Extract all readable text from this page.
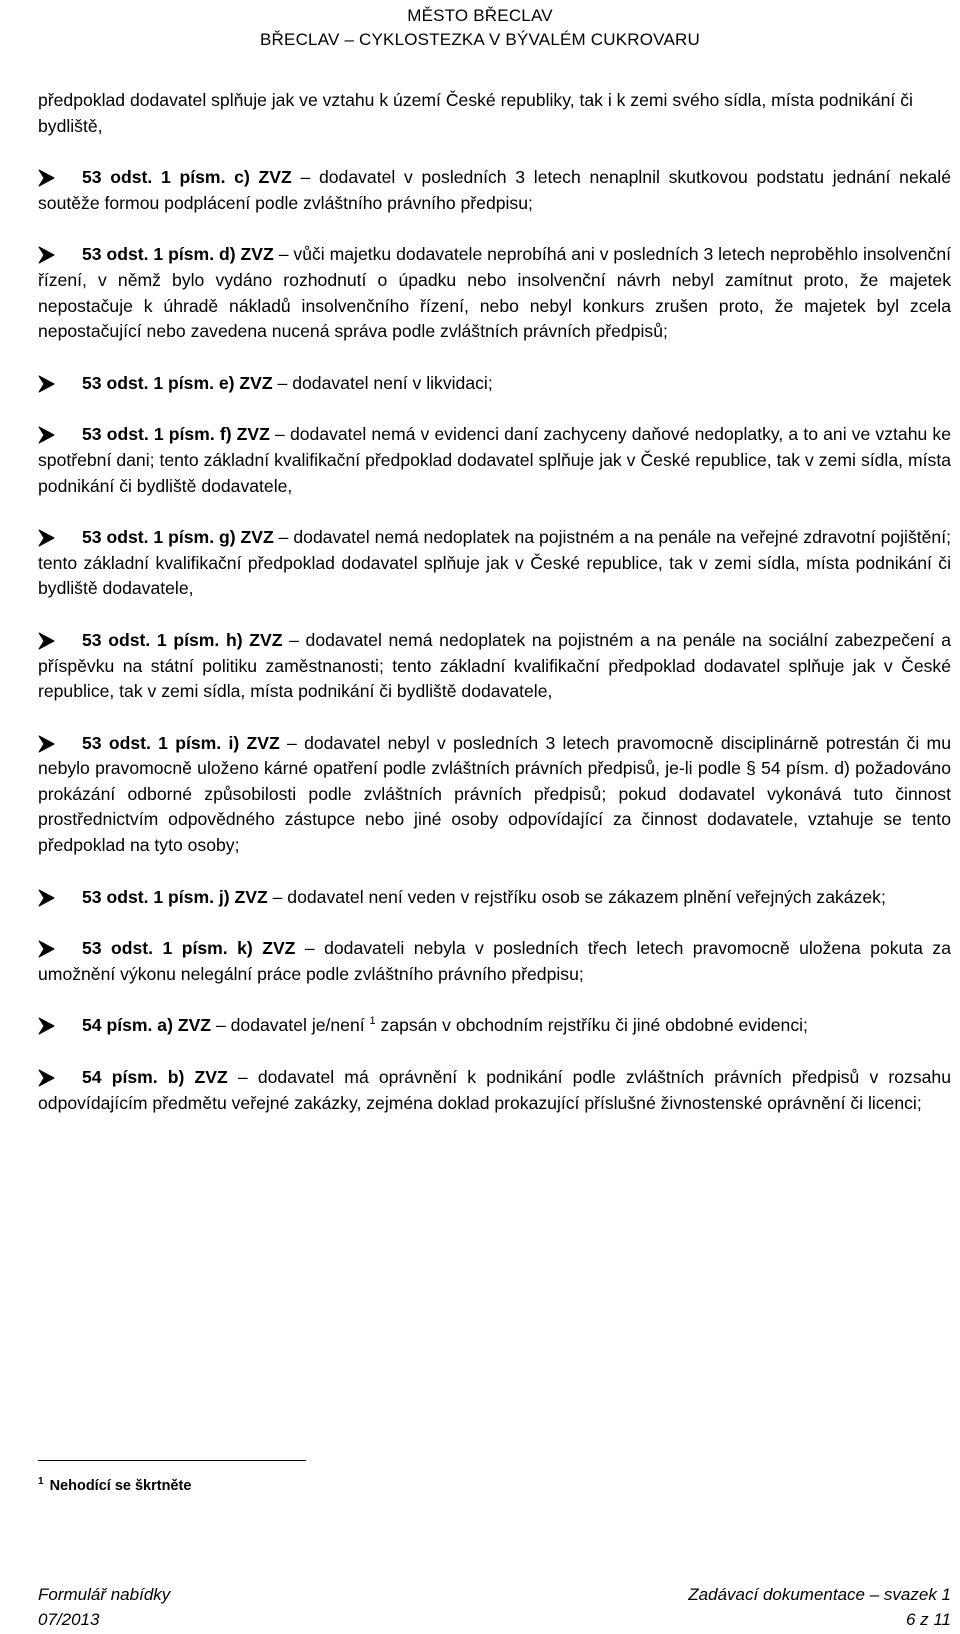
MĚSTO BŘECLAV
BŘECLAV – CYKLOSTEZKA V BÝVALÉM CUKROVARU

předpoklad dodavatel splňuje jak ve vztahu k území České republiky, tak i k zemi svého sídla, místa podnikání či bydliště,

53 odst. 1 písm. c) ZVZ – dodavatel v posledních 3 letech nenaplnil skutkovou podstatu jednání nekalé soutěže formou podplácení podle zvláštního právního předpisu;
53 odst. 1 písm. d) ZVZ – vůči majetku dodavatele neprobíhá ani v posledních 3 letech neproběhlo insolvenční řízení, v němž bylo vydáno rozhodnutí o úpadku nebo insolvenční návrh nebyl zamítnut proto, že majetek nepostačuje k úhradě nákladů insolvenčního řízení, nebo nebyl konkurs zrušen proto, že majetek byl zcela nepostačující nebo zavedena nucená správa podle zvláštních právních předpisů;
53 odst. 1 písm. e) ZVZ – dodavatel není v likvidaci;
53 odst. 1 písm. f) ZVZ – dodavatel nemá v evidenci daní zachyceny daňové nedoplatky, a to ani ve vztahu ke spotřební dani; tento základní kvalifikační předpoklad dodavatel splňuje jak v České republice, tak v zemi sídla, místa podnikání či bydliště dodavatele,
53 odst. 1 písm. g) ZVZ – dodavatel nemá nedoplatek na pojistném a na penále na veřejné zdravotní pojištění; tento základní kvalifikační předpoklad dodavatel splňuje jak v České republice, tak v zemi sídla, místa podnikání či bydliště dodavatele,
53 odst. 1 písm. h) ZVZ – dodavatel nemá nedoplatek na pojistném a na penále na sociální zabezpečení a příspěvku na státní politiku zaměstnanosti; tento základní kvalifikační předpoklad dodavatel splňuje jak v České republice, tak v zemi sídla, místa podnikání či bydliště dodavatele,
53 odst. 1 písm. i) ZVZ – dodavatel nebyl v posledních 3 letech pravomocně disciplinárně potrestán či mu nebylo pravomocně uloženo kárné opatření podle zvláštních právních předpisů, je-li podle § 54 písm. d) požadováno prokázání odborné způsobilosti podle zvláštních právních předpisů; pokud dodavatel vykonává tuto činnost prostřednictvím odpovědného zástupce nebo jiné osoby odpovídající za činnost dodavatele, vztahuje se tento předpoklad na tyto osoby;
53 odst. 1 písm. j) ZVZ – dodavatel není veden v rejstříku osob se zákazem plnění veřejných zakázek;
53 odst. 1 písm. k) ZVZ – dodavateli nebyla v posledních třech letech pravomocně uložena pokuta za umožnění výkonu nelegální práce podle zvláštního právního předpisu;
54 písm. a) ZVZ – dodavatel je/není $^1$ zapsán v obchodním rejstříku či jiné obdobné evidenci;
54 písm. b) ZVZ – dodavatel má oprávnění k podnikání podle zvláštních právních předpisů v rozsahu odpovídajícím předmětu veřejné zakázky, zejména doklad prokazující příslušné živnostenské oprávnění či licenci;
$^1$ Nehodící se škrtněte
Formulář nabídky	Zadávací dokumentace – svazek 1
07/2013	6 z 11
